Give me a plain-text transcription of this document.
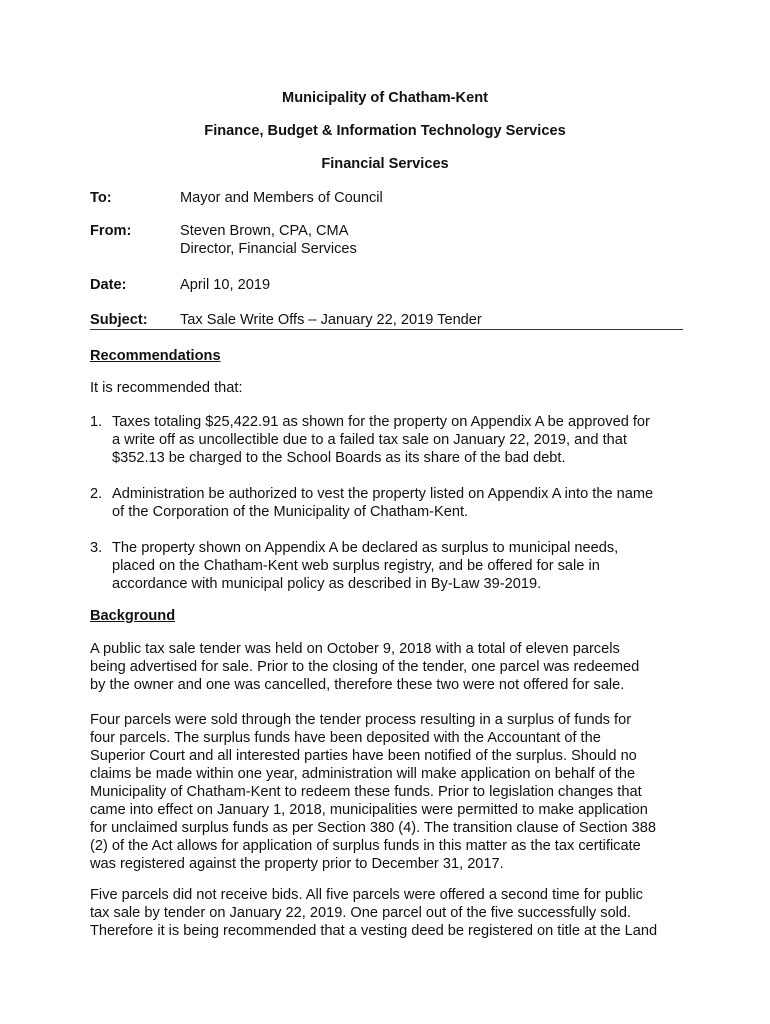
Municipality of Chatham-Kent
Finance, Budget & Information Technology Services
Financial Services
To:	Mayor and Members of Council
From:	Steven Brown, CPA, CMA
Director, Financial Services
Date:	April 10, 2019
Subject: Tax Sale Write Offs – January 22, 2019 Tender
Recommendations
It is recommended that:
1. Taxes totaling $25,422.91 as shown for the property on Appendix A be approved for
a write off as uncollectible due to a failed tax sale on January 22, 2019, and that
$352.13 be charged to the School Boards as its share of the bad debt.
2. Administration be authorized to vest the property listed on Appendix A into the name
of the Corporation of the Municipality of Chatham-Kent.
3. The property shown on Appendix A be declared as surplus to municipal needs,
placed on the Chatham-Kent web surplus registry, and be offered for sale in
accordance with municipal policy as described in By-Law 39-2019.
Background
A public tax sale tender was held on October 9, 2018 with a total of eleven parcels
being advertised for sale. Prior to the closing of the tender, one parcel was redeemed
by the owner and one was cancelled, therefore these two were not offered for sale.
Four parcels were sold through the tender process resulting in a surplus of funds for
four parcels. The surplus funds have been deposited with the Accountant of the
Superior Court and all interested parties have been notified of the surplus. Should no
claims be made within one year, administration will make application on behalf of the
Municipality of Chatham-Kent to redeem these funds. Prior to legislation changes that
came into effect on January 1, 2018, municipalities were permitted to make application
for unclaimed surplus funds as per Section 380 (4). The transition clause of Section 388
(2) of the Act allows for application of surplus funds in this matter as the tax certificate
was registered against the property prior to December 31, 2017.
Five parcels did not receive bids. All five parcels were offered a second time for public
tax sale by tender on January 22, 2019. One parcel out of the five successfully sold.
Therefore it is being recommended that a vesting deed be registered on title at the Land
